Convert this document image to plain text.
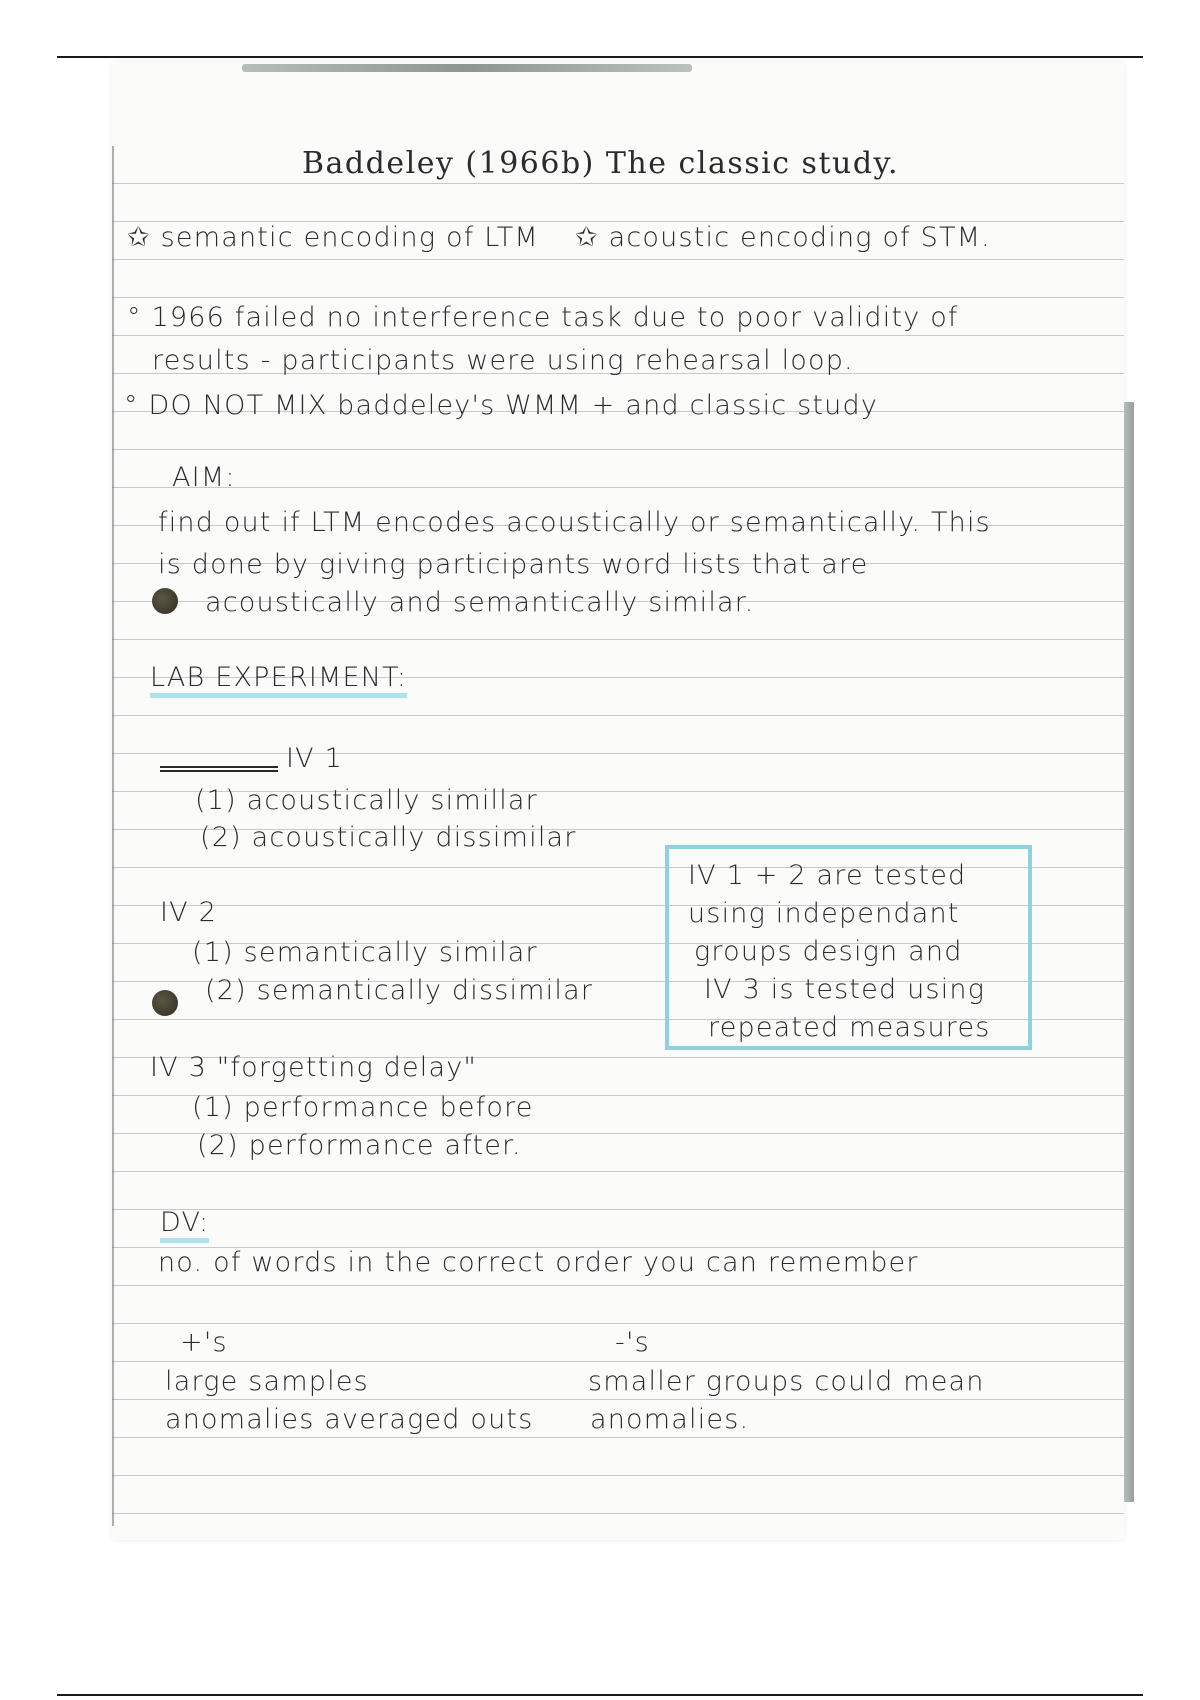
Baddeley (1966b) The classic study.
✩ semantic encoding of LTM ✩ acoustic encoding of STM.
° 1966 failed no interference task due to poor validity of
results - participants were using rehearsal loop.
° DO NOT MIX baddeley's WMM + and classic study
AIM:
find out if LTM encodes acoustically or semantically. This
is done by giving participants word lists that are
acoustically and semantically similar.
LAB EXPERIMENT:
IV 1
(1) acoustically simillar
(2) acoustically dissimilar
IV 2
(1) semantically similar
(2) semantically dissimilar
IV 3 "forgetting delay"
(1) performance before
(2) performance after.
IV 1 + 2 are tested
using independant
groups design and
IV 3 is tested using
repeated measures
DV:
no. of words in the correct order you can remember
+'s
large samples
anomalies averaged outs
-'s
smaller groups could mean
anomalies.
